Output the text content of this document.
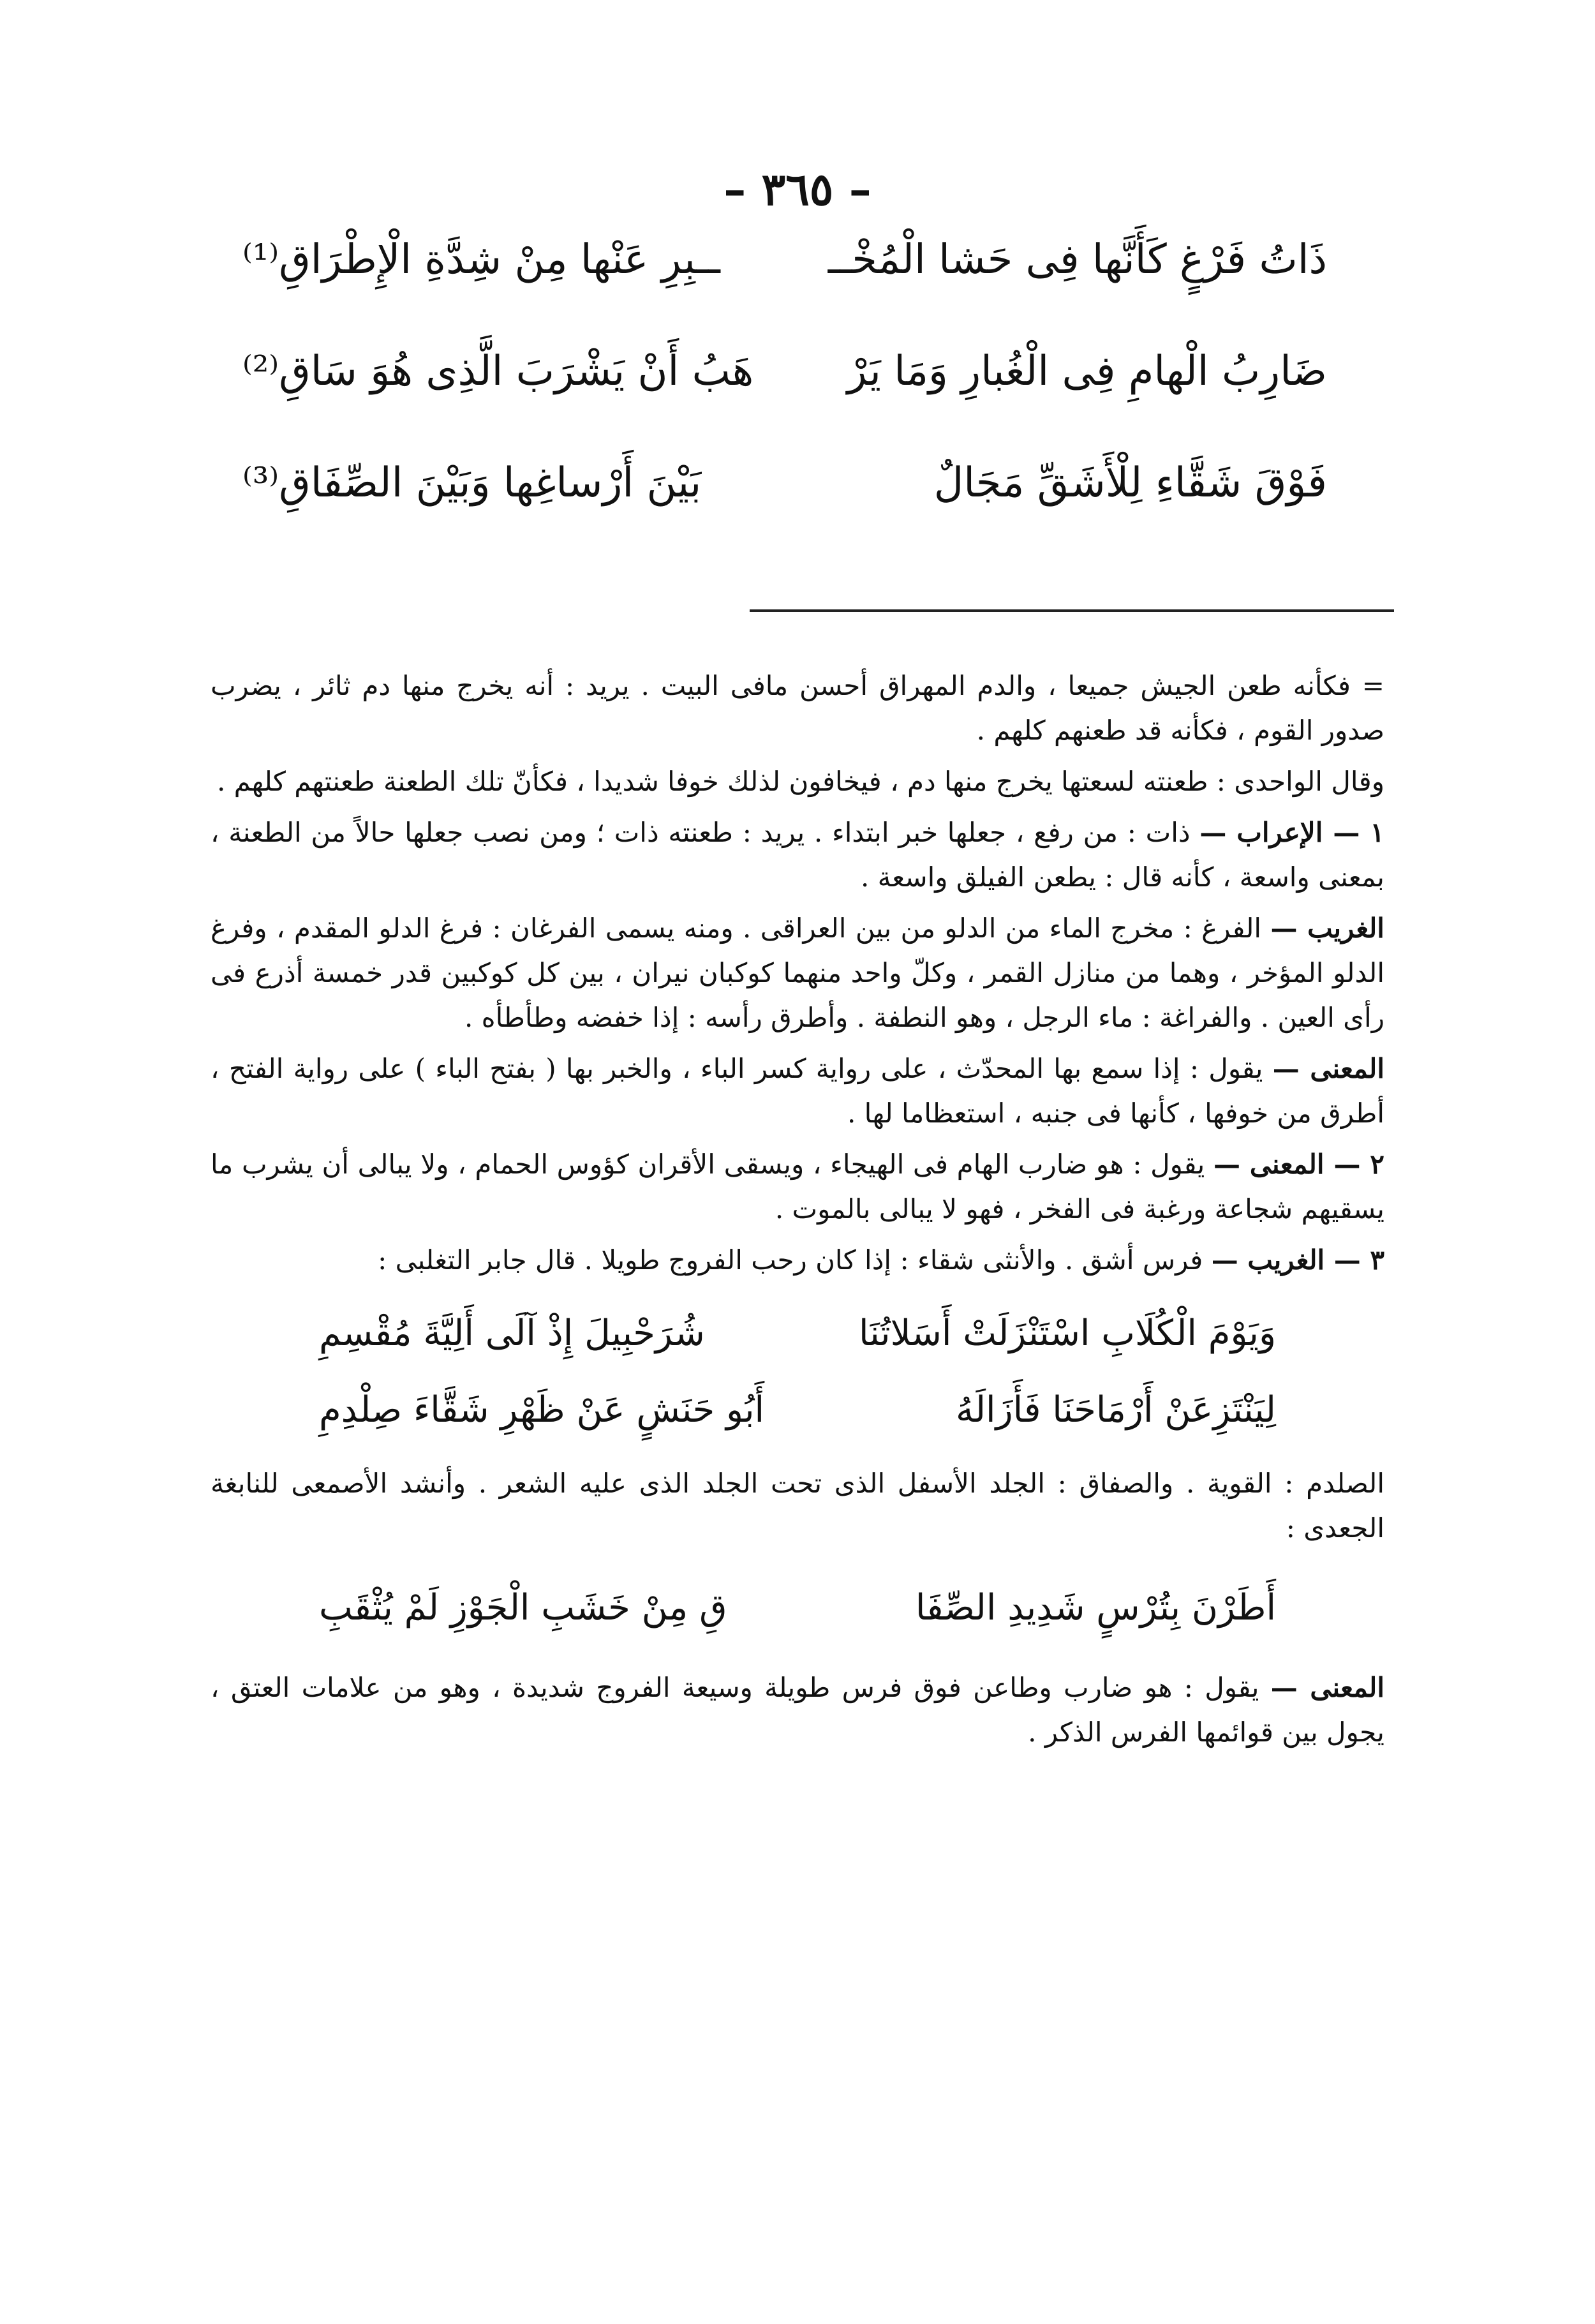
– ٣٦٥ –
ذَاتُ فَرْغٍ كَأَنَّها فِى حَشا الْمُخْــ
ــبِرِ عَنْها مِنْ شِدَّةِ الْإِطْرَاقِ⁽¹⁾
ضَارِبُ الْهامِ فِى الْغُبارِ وَمَا يَرْ
هَبُ أَنْ يَشْرَبَ الَّذِى هُوَ سَاقِ⁽²⁾
فَوْقَ شَقَّاءِ لِلْأَشَقِّ مَجَالٌ
بَيْنَ أَرْساغِها وَبَيْنَ الصِّفَاقِ⁽³⁾

= فكأنه طعن الجيش جميعا ، والدم المهراق أحسن مافى البيت . يريد : أنه يخرج منها دم ثائر ، يضرب صدور القوم ، فكأنه قد طعنهم كلهم .

وقال الواحدى : طعنته لسعتها يخرج منها دم ، فيخافون لذلك خوفا شديدا ، فكأنّ تلك الطعنة طعنتهم كلهم .

١ — الإعراب — ذات : من رفع ، جعلها خبر ابتداء . يريد : طعنته ذات ؛ ومن نصب جعلها حالاً من الطعنة ، بمعنى واسعة ، كأنه قال : يطعن الفيلق واسعة .

الغريب — الفرغ : مخرج الماء من الدلو من بين العراقى . ومنه يسمى الفرغان : فرغ الدلو المقدم ، وفرغ الدلو المؤخر ، وهما من منازل القمر ، وكلّ واحد منهما كوكبان نيران ، بين كل كوكبين قدر خمسة أذرع فى رأى العين . والفراغة : ماء الرجل ، وهو النطفة . وأطرق رأسه : إذا خفضه وطأطأه .

المعنى — يقول : إذا سمع بها المحدّث ، على رواية كسر الباء ، والخبر بها ( بفتح الباء ) على رواية الفتح ، أطرق من خوفها ، كأنها فى جنبه ، استعظاما لها .

٢ — المعنى — يقول : هو ضارب الهام فى الهيجاء ، ويسقى الأقران كؤوس الحمام ، ولا يبالى أن يشرب ما يسقيهم شجاعة ورغبة فى الفخر ، فهو لا يبالى بالموت .

٣ — الغريب — فرس أشق . والأنثى شقاء : إذا كان رحب الفروج طويلا . قال جابر التغلبى :

وَيَوْمَ الْكُلَابِ اسْتَنْزَلَتْ أَسَلاتُنَا
شُرَحْبِيلَ إِذْ آلَى أَلِيَّةَ مُقْسِمِ
لِيَنْتَزِعَنْ أَرْمَاحَنَا فَأَزَالَهُ
أَبُو حَنَشٍ عَنْ ظَهْرِ شَقَّاءَ صِلْدِمِ

الصلدم : القوية . والصفاق : الجلد الأسفل الذى تحت الجلد الذى عليه الشعر . وأنشد الأصمعى للنابغة الجعدى :

أَطَرْنَ بِتُرْسٍ شَدِيدِ الصِّفَا
قِ مِنْ خَشَبِ الْجَوْزِ لَمْ يُثْقَبِ

المعنى — يقول : هو ضارب وطاعن فوق فرس طويلة وسيعة الفروج شديدة ، وهو من علامات العتق ، يجول بين قوائمها الفرس الذكر .
